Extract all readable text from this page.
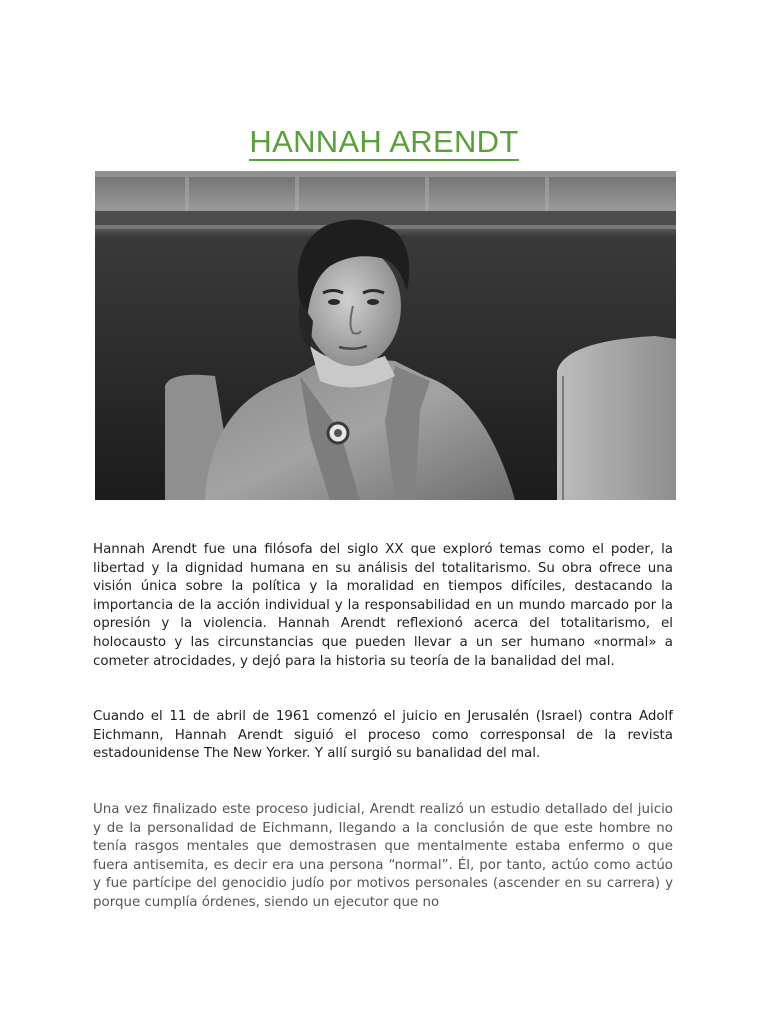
HANNAH ARENDT

Hannah Arendt fue una filósofa del siglo XX que exploró temas como el poder, la libertad y la dignidad humana en su análisis del totalitarismo. Su obra ofrece una visión única sobre la política y la moralidad en tiempos difíciles, destacando la importancia de la acción individual y la responsabilidad en un mundo marcado por la opresión y la violencia. Hannah Arendt reflexionó acerca del totalitarismo, el holocausto y las circunstancias que pueden llevar a un ser humano «normal» a cometer atrocidades, y dejó para la historia su teoría de la banalidad del mal.

Cuando el 11 de abril de 1961 comenzó el juicio en Jerusalén (Israel) contra Adolf Eichmann, Hannah Arendt siguió el proceso como corresponsal de la revista estadounidense The New Yorker. Y allí surgió su banalidad del mal.

Una vez finalizado este proceso judicial, Arendt realizó un estudio detallado del juicio y de la personalidad de Eichmann, llegando a la conclusión de que este hombre no tenía rasgos mentales que demostrasen que mentalmente estaba enfermo o que fuera antisemita, es decir era una persona “normal”. Él, por tanto, actúo como actúo y fue partícipe del genocidio judío por motivos personales (ascender en su carrera) y porque cumplía órdenes, siendo un ejecutor que no
